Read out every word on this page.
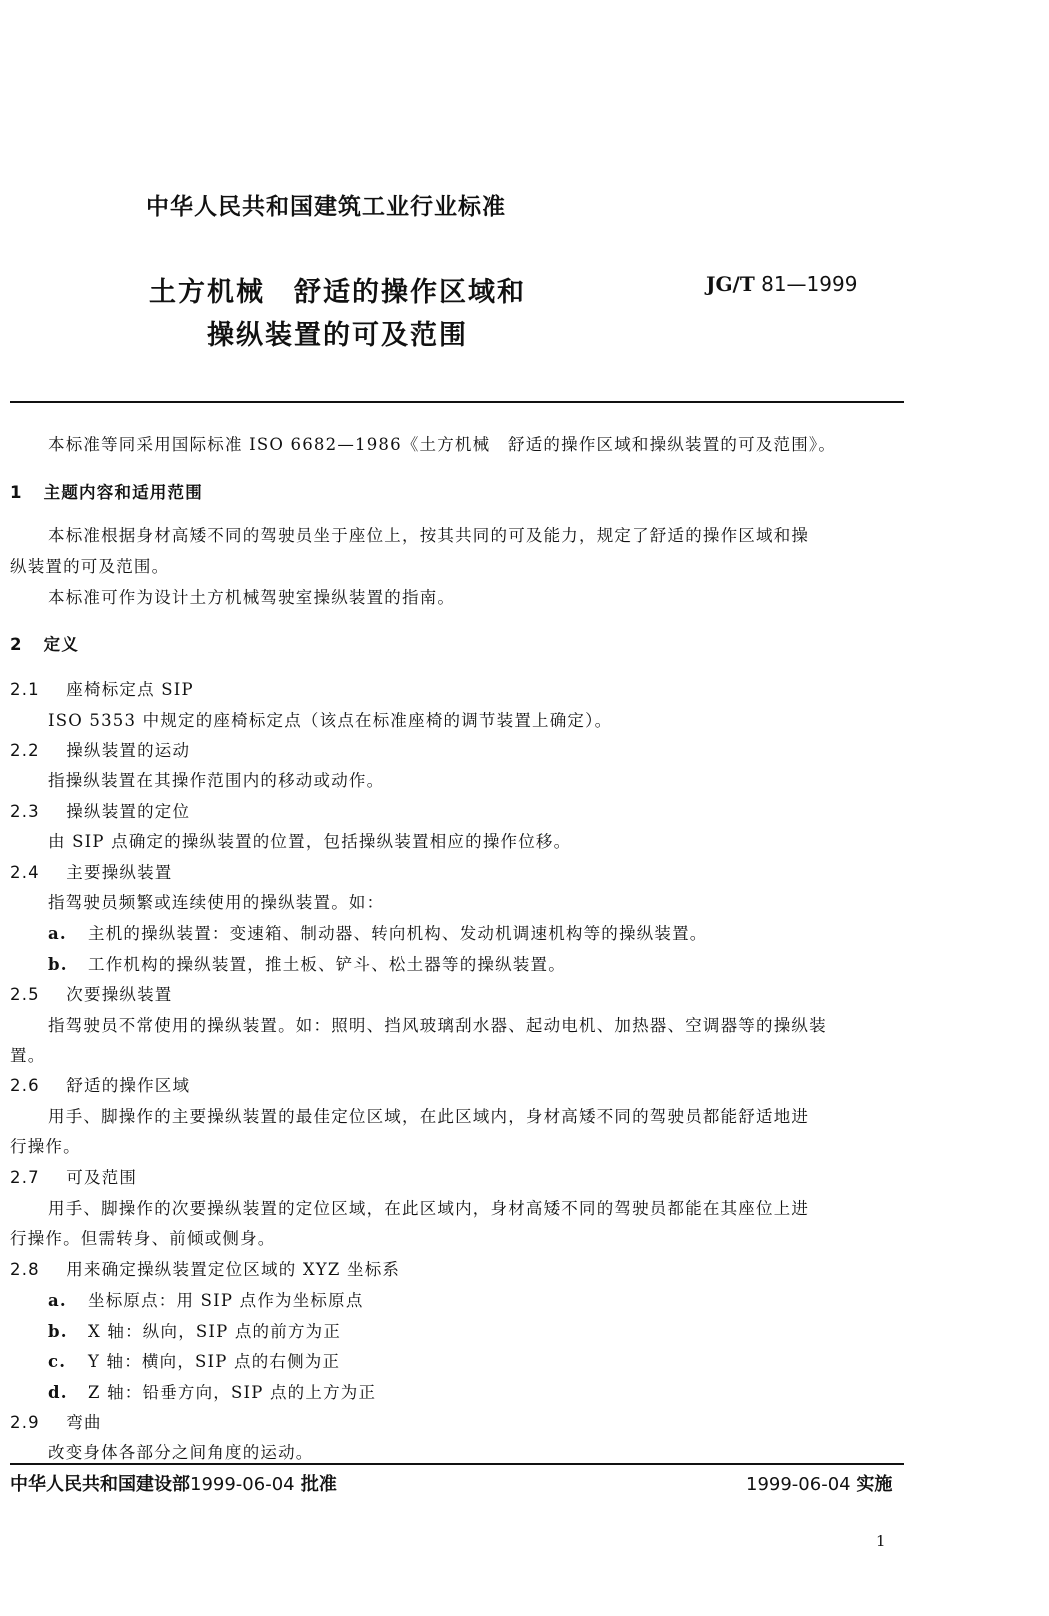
中华人民共和国建筑工业行业标准
土方机械　舒适的操作区域和
操纵装置的可及范围
JG/T 81—1999
本标准等同采用国际标准 ISO 6682—1986《土方机械　舒适的操作区域和操纵装置的可及范围》。
1 主题内容和适用范围
本标准根据身材高矮不同的驾驶员坐于座位上，按其共同的可及能力，规定了舒适的操作区域和操
纵装置的可及范围。
本标准可作为设计土方机械驾驶室操纵装置的指南。
2 定义
2.1 座椅标定点 SIP
ISO 5353 中规定的座椅标定点（该点在标准座椅的调节装置上确定）。
2.2 操纵装置的运动
指操纵装置在其操作范围内的移动或动作。
2.3 操纵装置的定位
由 SIP 点确定的操纵装置的位置，包括操纵装置相应的操作位移。
2.4 主要操纵装置
指驾驶员频繁或连续使用的操纵装置。如：
a. 主机的操纵装置：变速箱、制动器、转向机构、发动机调速机构等的操纵装置。
b. 工作机构的操纵装置，推土板、铲斗、松土器等的操纵装置。
2.5 次要操纵装置
指驾驶员不常使用的操纵装置。如：照明、挡风玻璃刮水器、起动电机、加热器、空调器等的操纵装
置。
2.6 舒适的操作区域
用手、脚操作的主要操纵装置的最佳定位区域，在此区域内，身材高矮不同的驾驶员都能舒适地进
行操作。
2.7 可及范围
用手、脚操作的次要操纵装置的定位区域，在此区域内，身材高矮不同的驾驶员都能在其座位上进
行操作。但需转身、前倾或侧身。
2.8 用来确定操纵装置定位区域的 XYZ 坐标系
a. 坐标原点：用 SIP 点作为坐标原点
b. X 轴：纵向，SIP 点的前方为正
c. Y 轴：横向，SIP 点的右侧为正
d. Z 轴：铅垂方向，SIP 点的上方为正
2.9 弯曲
改变身体各部分之间角度的运动。
中华人民共和国建设部1999-06-04 批准	1999-06-04 实施
1
